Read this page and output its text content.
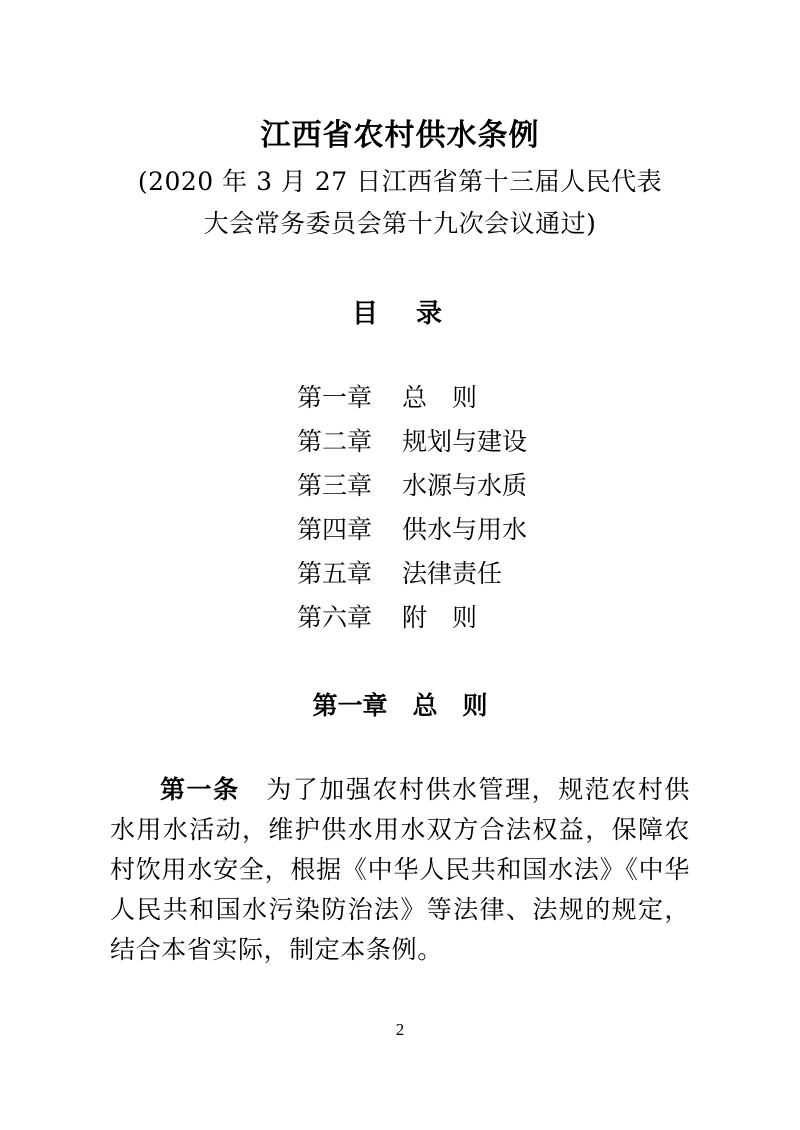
江西省农村供水条例
(2020 年 3 月 27 日江西省第十三届人民代表
大会常务委员会第十九次会议通过)
目　录
第一章	总　则
第二章	规划与建设
第三章	水源与水质
第四章	供水与用水
第五章	法律责任
第六章	附　则
第一章　总　则

第一条　 为了加强农村供水管理，规范农村供水用水活动，维护供水用水双方合法权益，保障农村饮用水安全，根据《中华人民共和国水法》《中华人民共和国水污染防治法》等法律、法规的规定，结合本省实际，制定本条例。

2
